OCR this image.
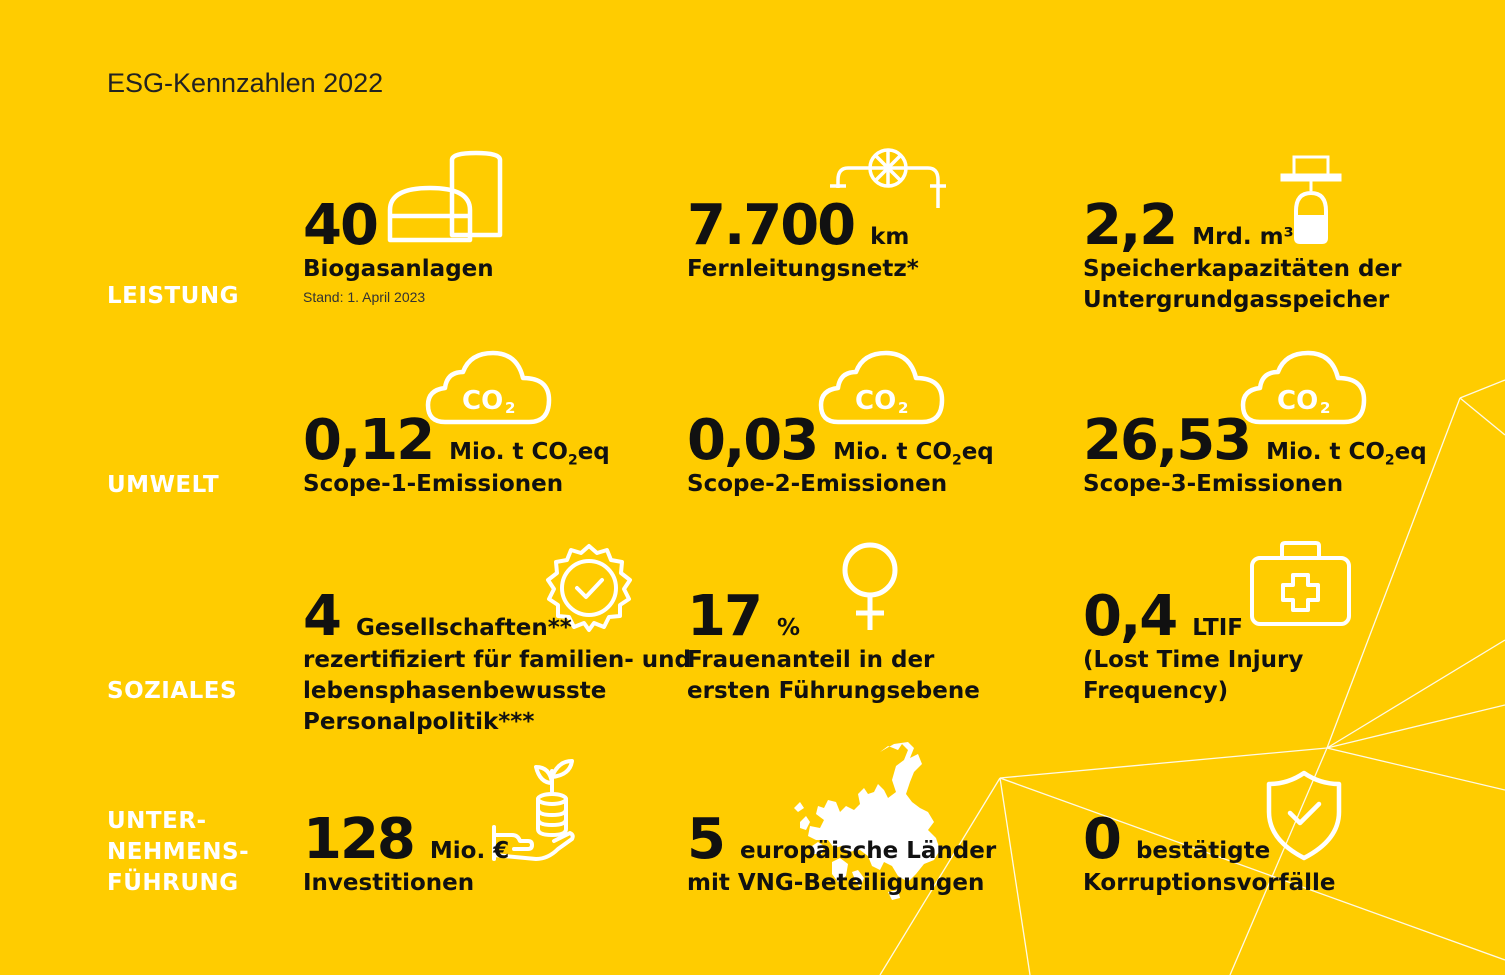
ESG-Kennzahlen 2022
LEISTUNG
UMWELT
SOZIALES
UNTER-
NEHMENS-
FÜHRUNG
CO 2	CO 2	CO 2
40
Biogasanlagen
Stand: 1. April 2023
7.700 km
Fernleitungsnetz*
2,2 Mrd. m³
Speicherkapazitäten der
Untergrundgasspeicher
0,12 Mio. t $CO_2eq$
Scope-1-Emissionen
0,03 Mio. t $CO_2eq$
Scope-2-Emissionen
26,53 Mio. t $CO_2eq$
Scope-3-Emissionen
4 Gesellschaften**
rezertifiziert für familien- und
lebensphasenbewusste
Personalpolitik***
17 %
Frauenanteil in der
ersten Führungsebene
0,4 LTIF
(Lost Time Injury
Frequency)
128 Mio. €
Investitionen
5 europäische Länder
mit VNG-Beteiligungen
0 bestätigte
Korruptionsvorfälle
